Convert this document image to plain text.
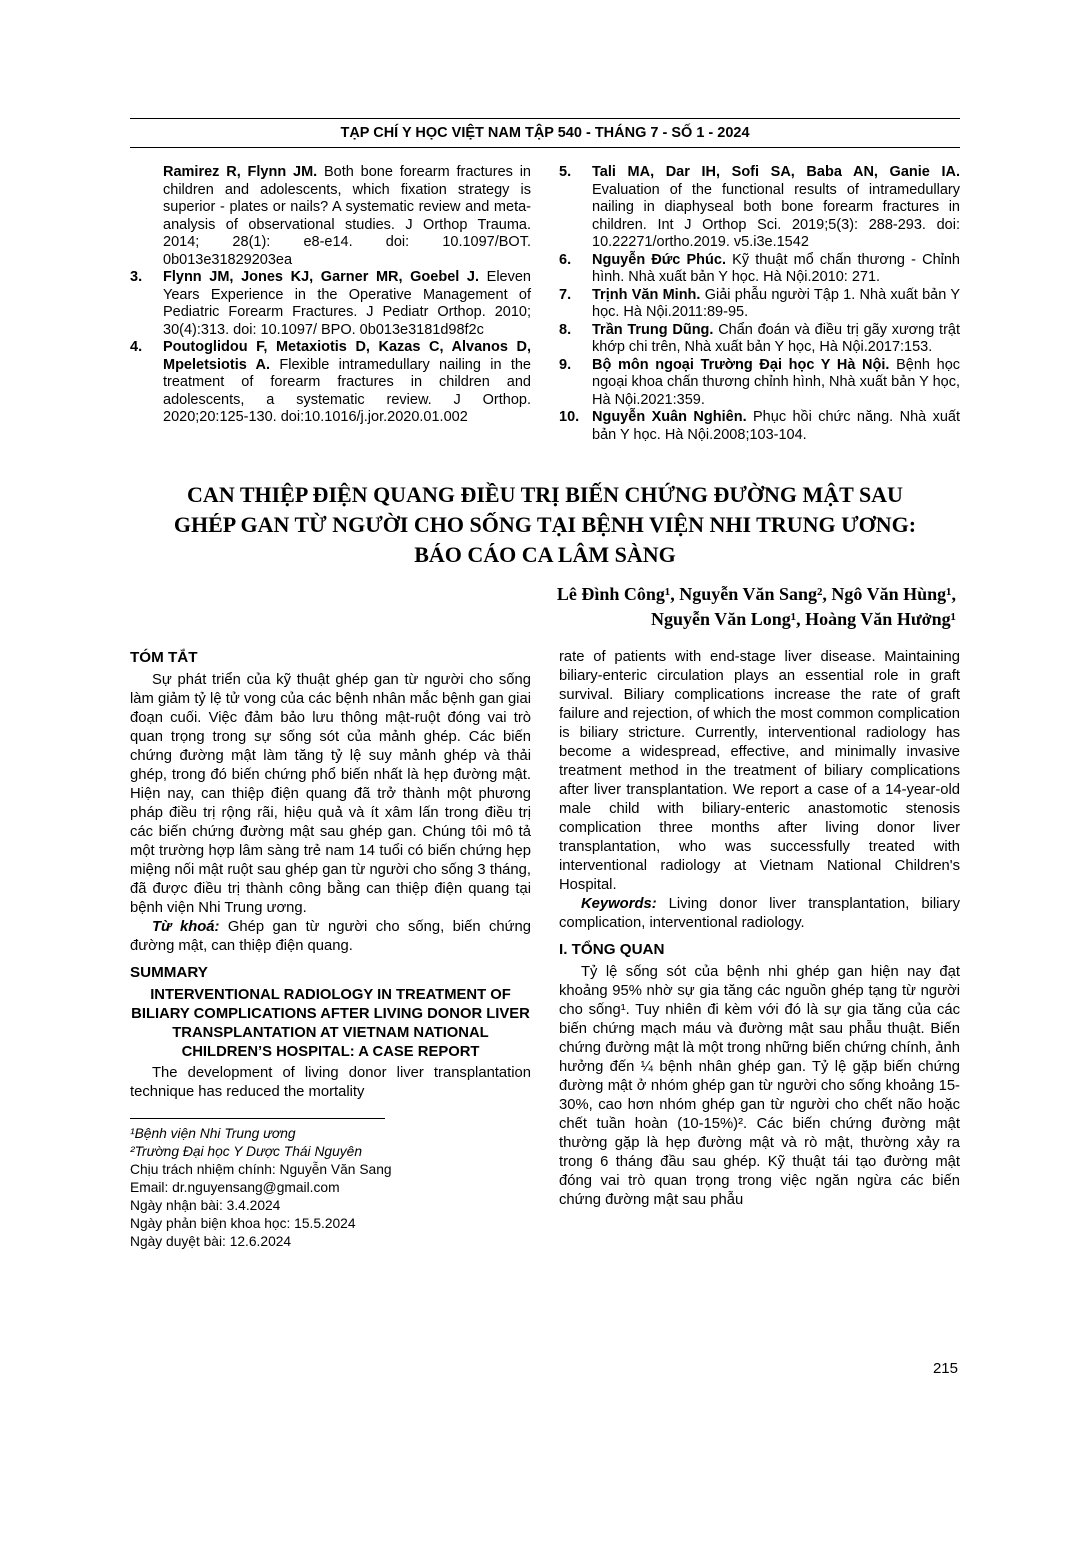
TẠP CHÍ Y HỌC VIỆT NAM TẬP 540 - THÁNG 7 - SỐ 1 - 2024
Ramirez R, Flynn JM. Both bone forearm fractures in children and adolescents, which fixation strategy is superior - plates or nails? A systematic review and meta-analysis of observational studies. J Orthop Trauma. 2014; 28(1): e8-e14. doi: 10.1097/BOT. 0b013e31829203ea
3. Flynn JM, Jones KJ, Garner MR, Goebel J. Eleven Years Experience in the Operative Management of Pediatric Forearm Fractures. J Pediatr Orthop. 2010; 30(4):313. doi: 10.1097/ BPO. 0b013e3181d98f2c
4. Poutoglidou F, Metaxiotis D, Kazas C, Alvanos D, Mpeletsiotis A. Flexible intramedullary nailing in the treatment of forearm fractures in children and adolescents, a systematic review. J Orthop. 2020;20:125-130. doi:10.1016/j.jor.2020.01.002
5. Tali MA, Dar IH, Sofi SA, Baba AN, Ganie IA. Evaluation of the functional results of intramedullary nailing in diaphyseal both bone forearm fractures in children. Int J Orthop Sci. 2019;5(3): 288-293. doi: 10.22271/ortho.2019. v5.i3e.1542
6. Nguyễn Đức Phúc. Kỹ thuật mổ chấn thương - Chỉnh hình. Nhà xuất bản Y học. Hà Nội.2010: 271.
7. Trịnh Văn Minh. Giải phẫu người Tập 1. Nhà xuất bản Y học. Hà Nội.2011:89-95.
8. Trần Trung Dũng. Chẩn đoán và điều trị gãy xương trật khớp chi trên, Nhà xuất bản Y học, Hà Nội.2017:153.
9. Bộ môn ngoại Trường Đại học Y Hà Nội. Bệnh học ngoại khoa chấn thương chỉnh hình, Nhà xuất bản Y học, Hà Nội.2021:359.
10. Nguyễn Xuân Nghiên. Phục hồi chức năng. Nhà xuất bản Y học. Hà Nội.2008;103-104.
CAN THIỆP ĐIỆN QUANG ĐIỀU TRỊ BIẾN CHỨNG ĐƯỜNG MẬT SAU
GHÉP GAN TỪ NGƯỜI CHO SỐNG TẠI BỆNH VIỆN NHI TRUNG ƯƠNG:
BÁO CÁO CA LÂM SÀNG
Lê Đình Công¹, Nguyễn Văn Sang², Ngô Văn Hùng¹,
Nguyễn Văn Long¹, Hoàng Văn Hưởng¹
TÓM TẮT

Sự phát triển của kỹ thuật ghép gan từ người cho sống làm giảm tỷ lệ tử vong của các bệnh nhân mắc bệnh gan giai đoạn cuối. Việc đảm bảo lưu thông mật-ruột đóng vai trò quan trọng trong sự sống sót của mảnh ghép. Các biến chứng đường mật làm tăng tỷ lệ suy mảnh ghép và thải ghép, trong đó biến chứng phổ biến nhất là hẹp đường mật. Hiện nay, can thiệp điện quang đã trở thành một phương pháp điều trị rộng rãi, hiệu quả và ít xâm lấn trong điều trị các biến chứng đường mật sau ghép gan. Chúng tôi mô tả một trường hợp lâm sàng trẻ nam 14 tuổi có biến chứng hẹp miệng nối mật ruột sau ghép gan từ người cho sống 3 tháng, đã được điều trị thành công bằng can thiệp điện quang tại bệnh viện Nhi Trung ương.

Từ khoá: Ghép gan từ người cho sống, biến chứng đường mật, can thiệp điện quang.

SUMMARY
INTERVENTIONAL RADIOLOGY IN TREATMENT OF BILIARY COMPLICATIONS AFTER LIVING DONOR LIVER TRANSPLANTATION AT VIETNAM NATIONAL CHILDREN’S HOSPITAL: A CASE REPORT

The development of living donor liver transplantation technique has reduced the mortality

¹Bệnh viện Nhi Trung ương
²Trường Đại học Y Dược Thái Nguyên
Chịu trách nhiệm chính: Nguyễn Văn Sang
Email: dr.nguyensang@gmail.com
Ngày nhận bài: 3.4.2024
Ngày phản biện khoa học: 15.5.2024
Ngày duyệt bài: 12.6.2024

rate of patients with end-stage liver disease. Maintaining biliary-enteric circulation plays an essential role in graft survival. Biliary complications increase the rate of graft failure and rejection, of which the most common complication is biliary stricture. Currently, interventional radiology has become a widespread, effective, and minimally invasive treatment method in the treatment of biliary complications after liver transplantation. We report a case of a 14-year-old male child with biliary-enteric anastomotic stenosis complication three months after living donor liver transplantation, who was successfully treated with interventional radiology at Vietnam National Children's Hospital.

Keywords: Living donor liver transplantation, biliary complication, interventional radiology.

I. TỔNG QUAN

Tỷ lệ sống sót của bệnh nhi ghép gan hiện nay đạt khoảng 95% nhờ sự gia tăng các nguồn ghép tạng từ người cho sống¹. Tuy nhiên đi kèm với đó là sự gia tăng của các biến chứng mạch máu và đường mật sau phẫu thuật. Biến chứng đường mật là một trong những biến chứng chính, ảnh hưởng đến ¼ bệnh nhân ghép gan. Tỷ lệ gặp biến chứng đường mật ở nhóm ghép gan từ người cho sống khoảng 15-30%, cao hơn nhóm ghép gan từ người cho chết não hoặc chết tuần hoàn (10-15%)². Các biến chứng đường mật thường gặp là hẹp đường mật và rò mật, thường xảy ra trong 6 tháng đầu sau ghép. Kỹ thuật tái tạo đường mật đóng vai trò quan trọng trong việc ngăn ngừa các biến chứng đường mật sau phẫu

215
